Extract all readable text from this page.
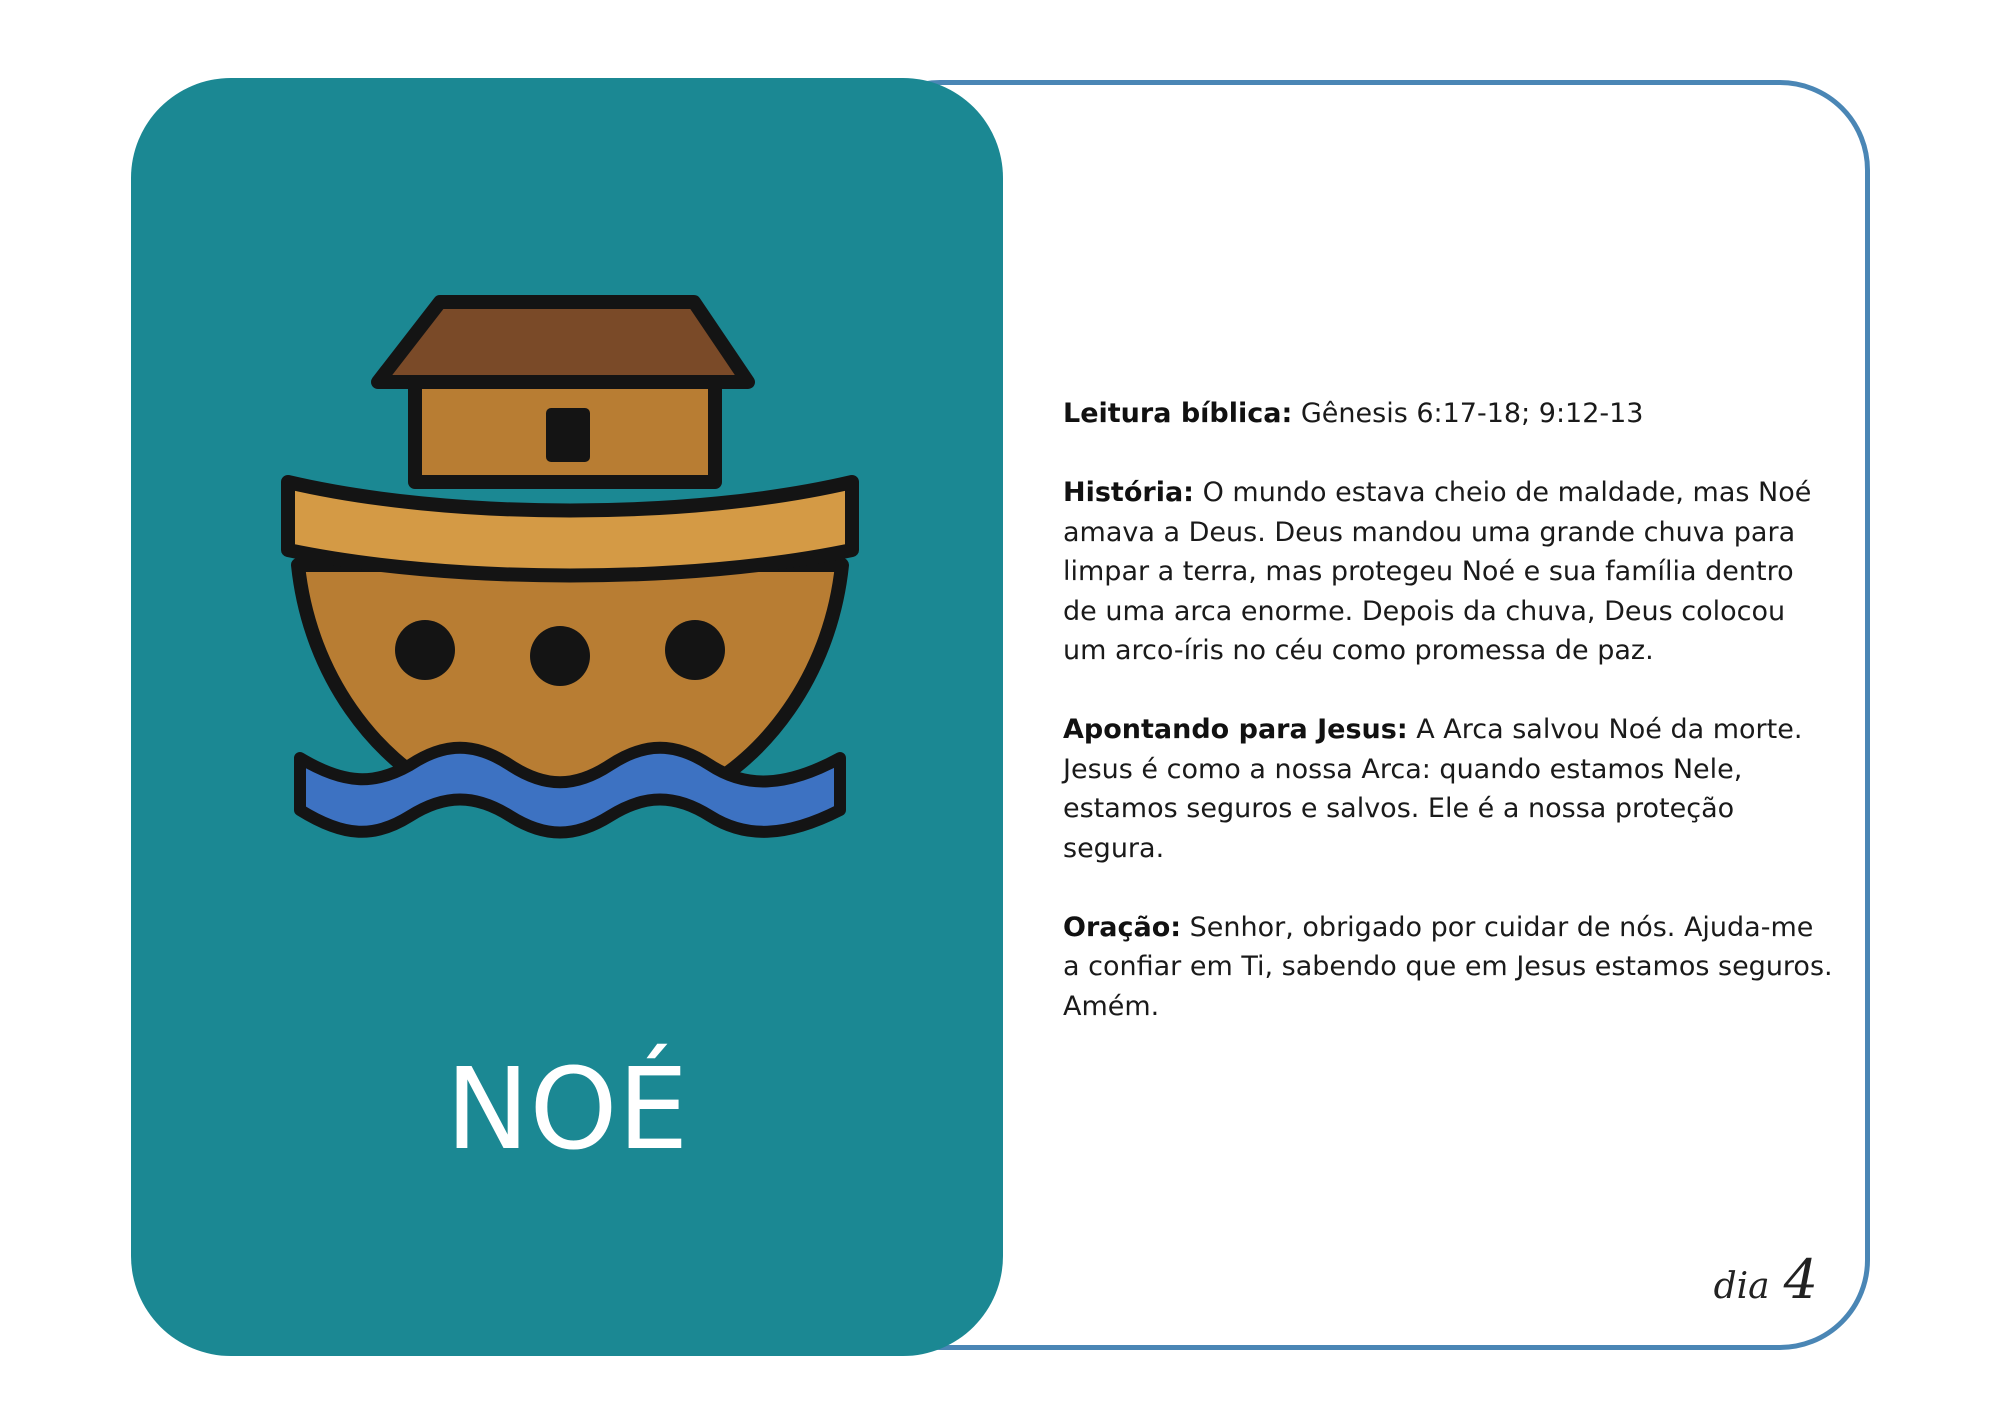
NOÉ

Leitura bíblica: Gênesis 6:17-18; 9:12-13

História: O mundo estava cheio de maldade, mas Noé amava a Deus. Deus mandou uma grande chuva para limpar a terra, mas protegeu Noé e sua família dentro de uma arca enorme. Depois da chuva, Deus colocou um arco-íris no céu como promessa de paz.

Apontando para Jesus: A Arca salvou Noé da morte. Jesus é como a nossa Arca: quando estamos Nele, estamos seguros e salvos. Ele é a nossa proteção segura.

Oração: Senhor, obrigado por cuidar de nós. Ajuda-me a confiar em Ti, sabendo que em Jesus estamos seguros. Amém.

dia 4
